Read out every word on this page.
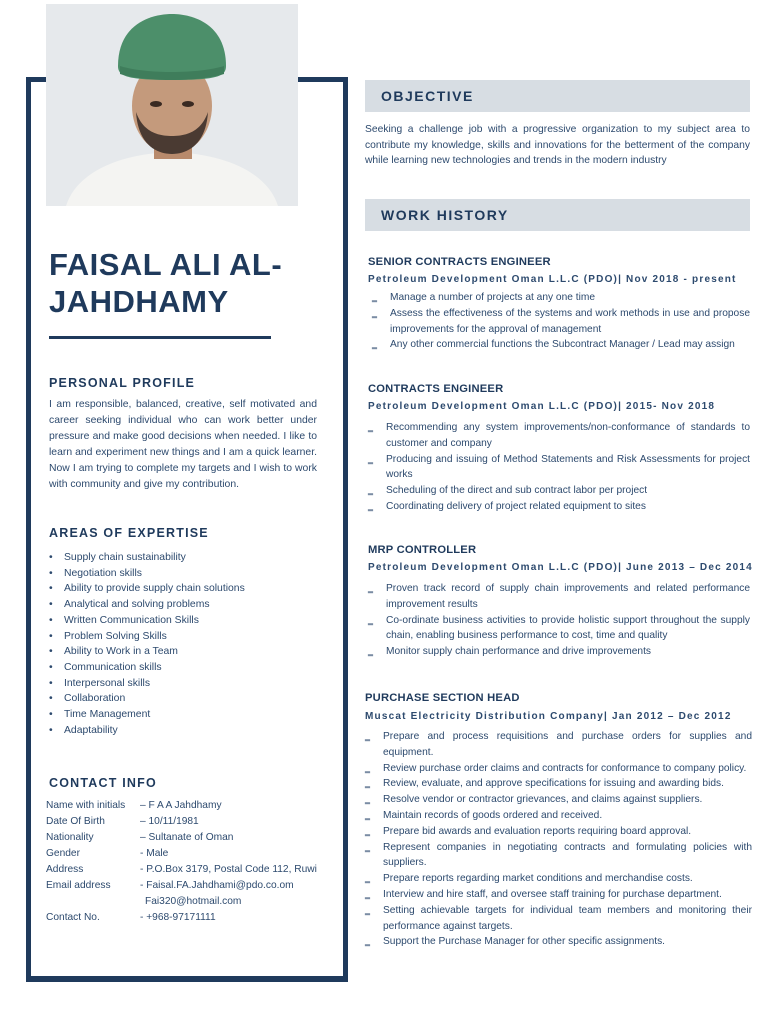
FAISAL ALI AL-JAHDHAMY
PERSONAL PROFILE
I am responsible, balanced, creative, self motivated and career seeking individual who can work better under pressure and make good decisions when needed. I like to learn and experiment new things and I am a quick learner. Now I am trying to complete my targets and I wish to work with community and give my contribution.
AREAS OF EXPERTISE
• Supply chain sustainability
• Negotiation skills
• Ability to provide supply chain solutions
• Analytical and solving problems
• Written Communication Skills
• Problem Solving Skills
• Ability to Work in a Team
• Communication skills
• Interpersonal skills
• Collaboration
• Time Management
• Adaptability
CONTACT INFO
Name with initials	– F A A Jahdhamy
Date Of Birth	– 10/11/1981
Nationality	– Sultanate of Oman
Gender	- Male
Address	- P.O.Box 3179, Postal Code 112, Ruwi
Email address	- Faisal.FA.Jahdhami@pdo.co.om
Fai320@hotmail.com
Contact No.	- +968-97171111
OBJECTIVE
Seeking a challenge job with a progressive organization to my subject area to contribute my knowledge, skills and innovations for the betterment of the company while learning new technologies and trends in the modern industry
WORK HISTORY
SENIOR CONTRACTS ENGINEER
Petroleum Development Oman L.L.C (PDO)| Nov 2018 - present
‗ Manage a number of projects at any one time
‗ Assess the effectiveness of the systems and work methods in use and propose improvements for the approval of management
‗ Any other commercial functions the Subcontract Manager / Lead may assign
CONTRACTS ENGINEER
Petroleum Development Oman L.L.C (PDO)| 2015- Nov 2018
‗ Recommending any system improvements/non-conformance of standards to customer and company
‗ Producing and issuing of Method Statements and Risk Assessments for project works
‗ Scheduling of the direct and sub contract labor per project
‗ Coordinating delivery of project related equipment to sites
MRP CONTROLLER
Petroleum Development Oman L.L.C (PDO)| June 2013 – Dec 2014
‗ Proven track record of supply chain improvements and related performance improvement results
‗ Co-ordinate business activities to provide holistic support throughout the supply chain, enabling business performance to cost, time and quality
‗ Monitor supply chain performance and drive improvements
PURCHASE SECTION HEAD
Muscat Electricity Distribution Company| Jan 2012 – Dec 2012
‗ Prepare and process requisitions and purchase orders for supplies and equipment.
‗ Review purchase order claims and contracts for conformance to company policy.
‗ Review, evaluate, and approve specifications for issuing and awarding bids.
‗ Resolve vendor or contractor grievances, and claims against suppliers.
‗ Maintain records of goods ordered and received.
‗ Prepare bid awards and evaluation reports requiring board approval.
‗ Represent companies in negotiating contracts and formulating policies with suppliers.
‗ Prepare reports regarding market conditions and merchandise costs.
‗ Interview and hire staff, and oversee staff training for purchase department.
‗ Setting achievable targets for individual team members and monitoring their performance against targets.
‗ Support the Purchase Manager for other specific assignments.
